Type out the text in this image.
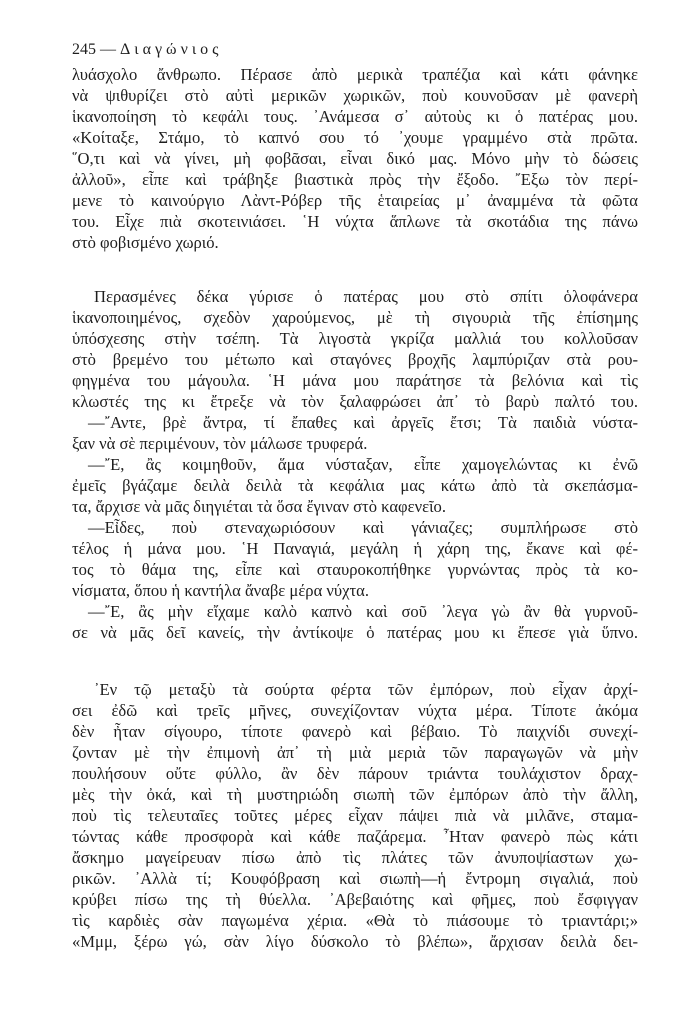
245 — Διαγώνιος
λυάσχολο ἄνθρωπο. Πέρασε ἀπὸ μερικὰ τραπέζια καὶ κάτι φάνηκε
νὰ ψιθυρίζει στὸ αὐτὶ μερικῶν χωρικῶν, ποὺ κουνοῦσαν μὲ φανερὴ
ἱκανοποίηση τὸ κεφάλι τους. ᾿Ανάμεσα σ᾿ αὐτοὺς κι ὁ πατέρας μου.
«Κοίταξε, Στάμο, τὸ καπνό σου τό ᾽χουμε γραμμένο στὰ πρῶτα.
῞Ο,τι καὶ νὰ γίνει, μὴ φοβᾶσαι, εἶναι δικό μας. Μόνο μὴν τὸ δώσεις
ἀλλοῦ», εἶπε καὶ τράβηξε βιαστικὰ πρὸς τὴν ἔξοδο. ῎Εξω τὸν περί-
μενε τὸ καινούργιο Λὰντ-Ρόβερ τῆς ἑταιρείας μ᾿ ἀναμμένα τὰ φῶτα
του. Εἶχε πιὰ σκοτεινιάσει. ῾Η νύχτα ἅπλωνε τὰ σκοτάδια της πάνω
στὸ φοβισμένο χωριό.
Περασμένες δέκα γύρισε ὁ πατέρας μου στὸ σπίτι ὁλοφάνερα
ἱκανοποιημένος, σχεδὸν χαρούμενος, μὲ τὴ σιγουριὰ τῆς ἐπίσημης
ὑπόσχεσης στὴν τσέπη. Τὰ λιγοστὰ γκρίζα μαλλιά του κολλοῦσαν
στὸ βρεμένο του μέτωπο καὶ σταγόνες βροχῆς λαμπύριζαν στὰ ρου-
φηγμένα του μάγουλα. ῾Η μάνα μου παράτησε τὰ βελόνια καὶ τὶς
κλωστές της κι ἔτρεξε νὰ τὸν ξαλαφρώσει ἀπ᾿ τὸ βαρὺ παλτό του.
—῎Αντε, βρὲ ἄντρα, τί ἔπαθες καὶ ἀργεῖς ἔτσι; Τὰ παιδιὰ νύστα-
ξαν νὰ σὲ περιμένουν, τὸν μάλωσε τρυφερά.
—῎Ε, ἂς κοιμηθοῦν, ἅμα νύσταξαν, εἶπε χαμογελώντας κι ἐνῶ
ἐμεῖς βγάζαμε δειλὰ δειλὰ τὰ κεφάλια μας κάτω ἀπὸ τὰ σκεπάσμα-
τα, ἄρχισε νὰ μᾶς διηγιέται τὰ ὅσα ἔγιναν στὸ καφενεῖο.
—Εἶδες, ποὺ στεναχωριόσουν καὶ γάνιαζες; συμπλήρωσε στὸ
τέλος ἡ μάνα μου. ῾Η Παναγιά, μεγάλη ἡ χάρη της, ἔκανε καὶ φέ-
τος τὸ θάμα της, εἶπε καὶ σταυροκοπήθηκε γυρνώντας πρὸς τὰ κο-
νίσματα, ὅπου ἡ καντήλα ἄναβε μέρα νύχτα.
—῎Ε, ἂς μὴν εἴχαμε καλὸ καπνὸ καὶ σοῦ ᾽λεγα γὼ ἂν θὰ γυρνοῦ-
σε νὰ μᾶς δεῖ κανείς, τὴν ἀντίκοψε ὁ πατέρας μου κι ἔπεσε γιὰ ὕπνο.
᾿Εν τῷ μεταξὺ τὰ σούρτα φέρτα τῶν ἐμπόρων, ποὺ εἶχαν ἀρχί-
σει ἐδῶ καὶ τρεῖς μῆνες, συνεχίζονταν νύχτα μέρα. Τίποτε ἀκόμα
δὲν ἦταν σίγουρο, τίποτε φανερὸ καὶ βέβαιο. Τὸ παιχνίδι συνεχί-
ζονταν μὲ τὴν ἐπιμονὴ ἀπ᾿ τὴ μιὰ μεριὰ τῶν παραγωγῶν νὰ μὴν
πουλήσουν οὔτε φύλλο, ἂν δὲν πάρουν τριάντα τουλάχιστον δραχ-
μὲς τὴν ὀκά, καὶ τὴ μυστηριώδη σιωπὴ τῶν ἐμπόρων ἀπὸ τὴν ἄλλη,
ποὺ τὶς τελευταῖες τοῦτες μέρες εἶχαν πάψει πιὰ νὰ μιλᾶνε, σταμα-
τώντας κάθε προσφορὰ καὶ κάθε παζάρεμα. ῏Ηταν φανερὸ πὼς κάτι
ἄσκημο μαγείρευαν πίσω ἀπὸ τὶς πλάτες τῶν ἀνυποψίαστων χω-
ρικῶν. ᾿Αλλὰ τί; Κουφόβραση καὶ σιωπὴ—ἡ ἔντρομη σιγαλιά, ποὺ
κρύβει πίσω της τὴ θύελλα. ᾿Αβεβαιότης καὶ φῆμες, ποὺ ἔσφιγγαν
τὶς καρδιὲς σὰν παγωμένα χέρια. «Θὰ τὸ πιάσουμε τὸ τριαντάρι;»
«Μμμ, ξέρω γώ, σὰν λίγο δύσκολο τὸ βλέπω», ἄρχισαν δειλὰ δει-
